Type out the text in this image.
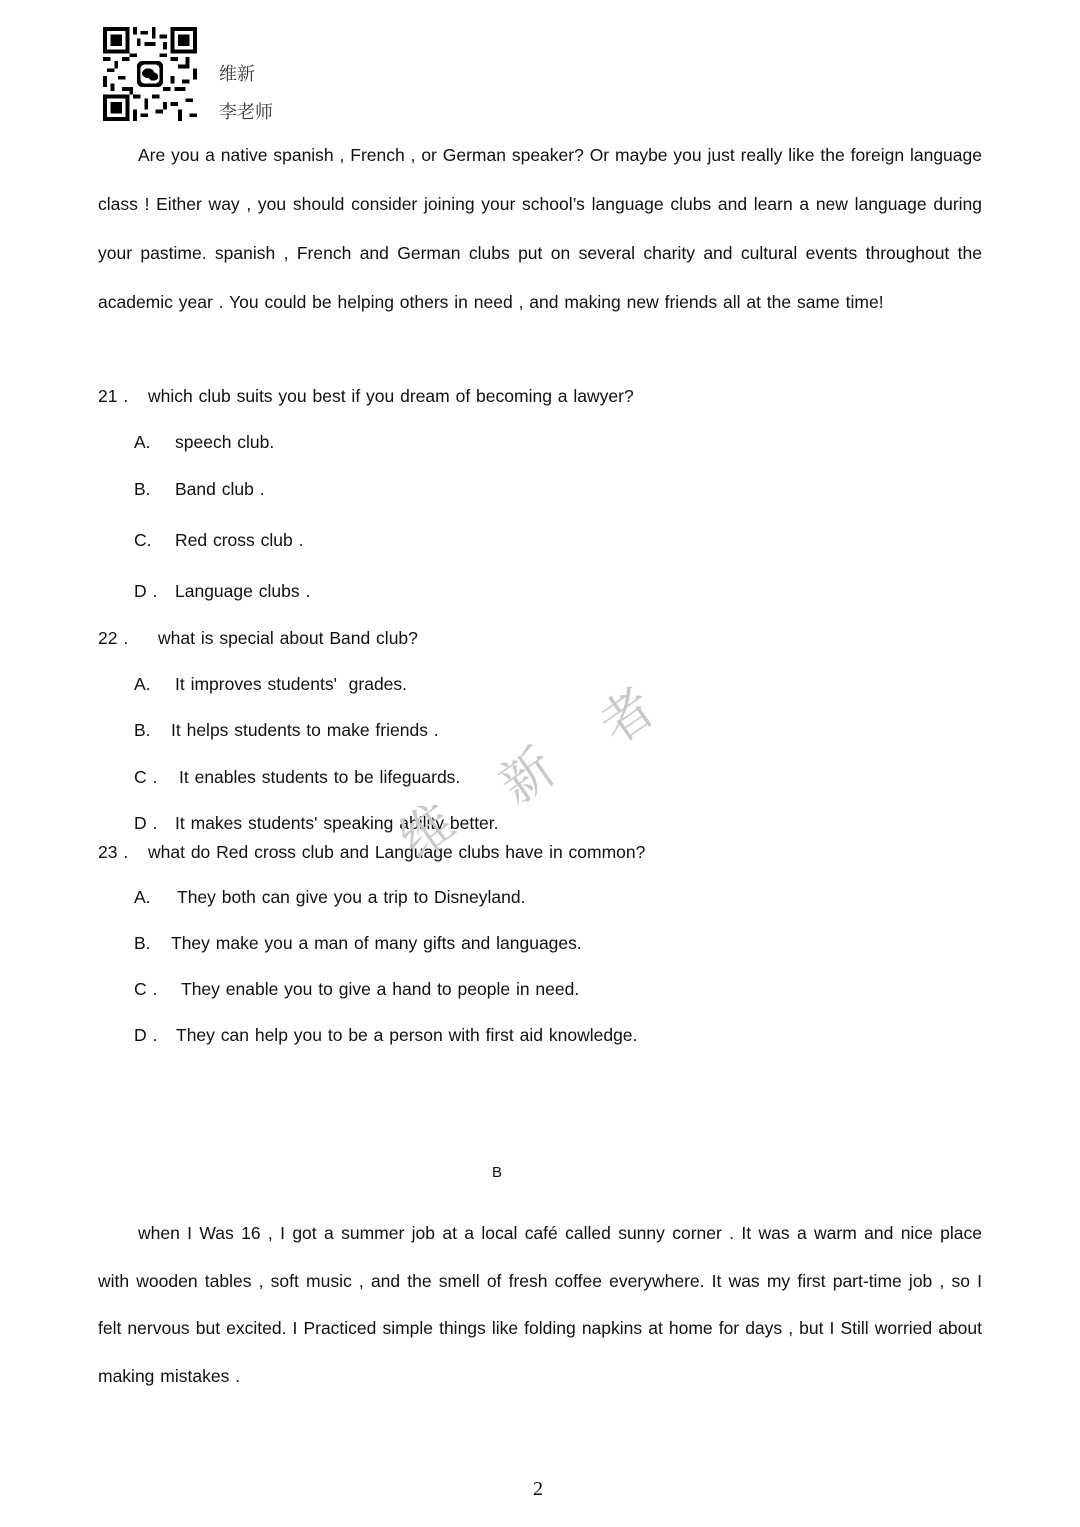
维新
李老师

Are you a native spanish , French , or German speaker? Or maybe you just really like the foreign language class ! Either way , you should consider joining your school’s language clubs and learn a new language during your pastime. spanish , French and German clubs put on several charity and cultural events throughout the academic year . You could be helping others in need , and making new friends all at the same time!

21 . which club suits you best if you dream of becoming a lawyer?
A. speech club.
B. Band club .
C. Red cross club .
D . Language clubs .
22 . what is special about Band club?
A. It improves students'  grades.
B. It helps students to make friends .
C . It enables students to be lifeguards.
D . It makes students' speaking ability better.
23 . what do Red cross club and Language clubs have in common?
A. They both can give you a trip to Disneyland.
B. They make you a man of many gifts and languages.
C . They enable you to give a hand to people in need.
D . They can help you to be a person with first aid knowledge.
B

when I Was 16 , I got a summer job at a local café called sunny corner . It was a warm and nice place with wooden tables , soft music , and the smell of fresh coffee everywhere. It was my first part-time job , so I felt nervous but excited. I Practiced simple things like folding napkins at home for days , but I Still worried about making mistakes .

维
新
者
2
